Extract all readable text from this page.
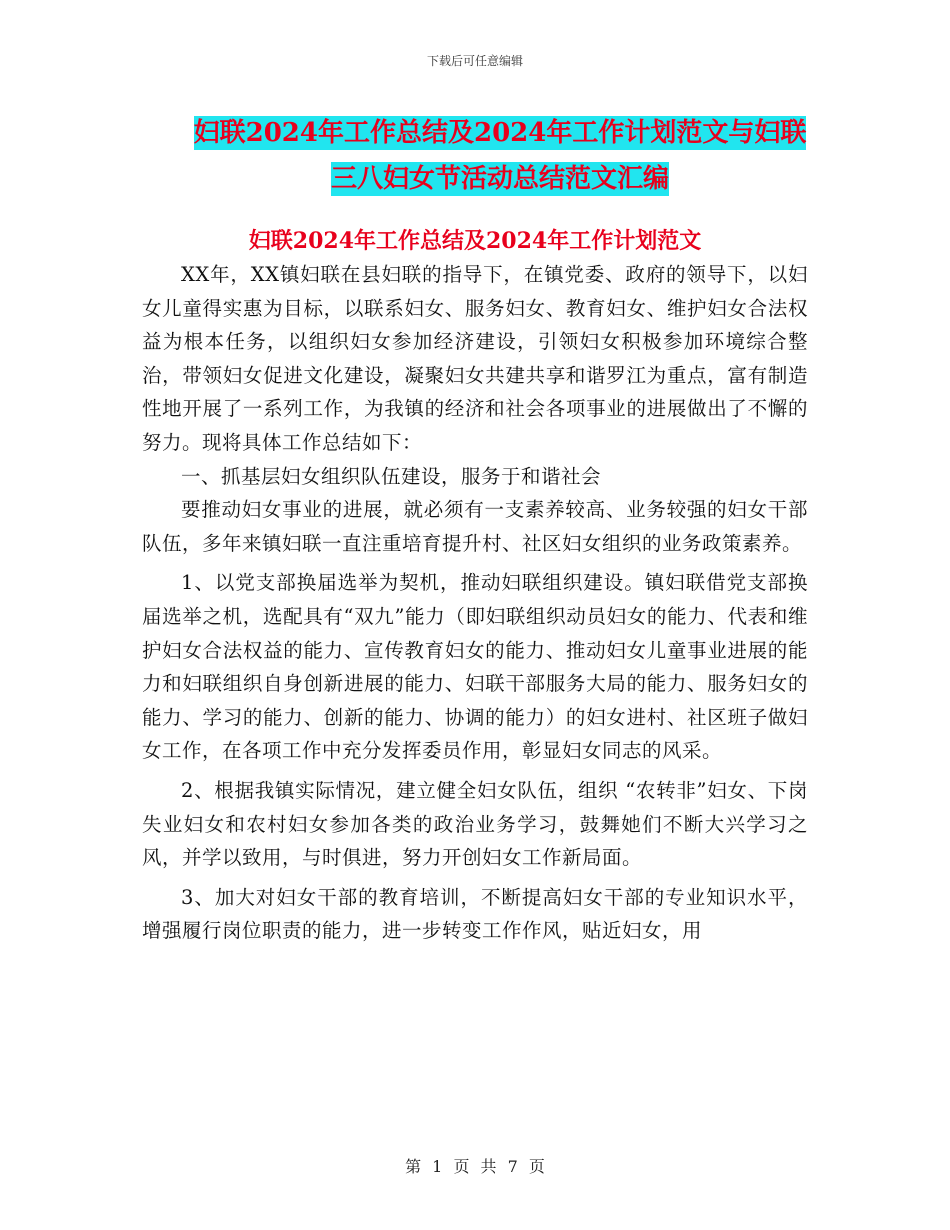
下载后可任意编辑
妇联2024年工作总结及2024年工作计划范文与妇联
三八妇女节活动总结范文汇编
妇联2024年工作总结及2024年工作计划范文

XX年，XX镇妇联在县妇联的指导下，在镇党委、政府的领导下，以妇女儿童得实惠为目标，以联系妇女、服务妇女、教育妇女、维护妇女合法权益为根本任务，以组织妇女参加经济建设，引领妇女积极参加环境综合整治，带领妇女促进文化建设，凝聚妇女共建共享和谐罗江为重点，富有制造性地开展了一系列工作，为我镇的经济和社会各项事业的进展做出了不懈的努力。现将具体工作总结如下：

一、抓基层妇女组织队伍建设，服务于和谐社会

要推动妇女事业的进展，就必须有一支素养较高、业务较强的妇女干部队伍，多年来镇妇联一直注重培育提升村、社区妇女组织的业务政策素养。

1、以党支部换届选举为契机，推动妇联组织建设。镇妇联借党支部换届选举之机，选配具有“双九”能力（即妇联组织动员妇女的能力、代表和维护妇女合法权益的能力、宣传教育妇女的能力、推动妇女儿童事业进展的能力和妇联组织自身创新进展的能力、妇联干部服务大局的能力、服务妇女的能力、学习的能力、创新的能力、协调的能力）的妇女进村、社区班子做妇女工作，在各项工作中充分发挥委员作用，彰显妇女同志的风采。

2、根据我镇实际情况，建立健全妇女队伍，组织 “农转非”妇女、下岗失业妇女和农村妇女参加各类的政治业务学习，鼓舞她们不断大兴学习之风，并学以致用，与时俱进，努力开创妇女工作新局面。

3、加大对妇女干部的教育培训，不断提高妇女干部的专业知识水平，增强履行岗位职责的能力，进一步转变工作作风，贴近妇女，用

第 1 页 共 7 页
